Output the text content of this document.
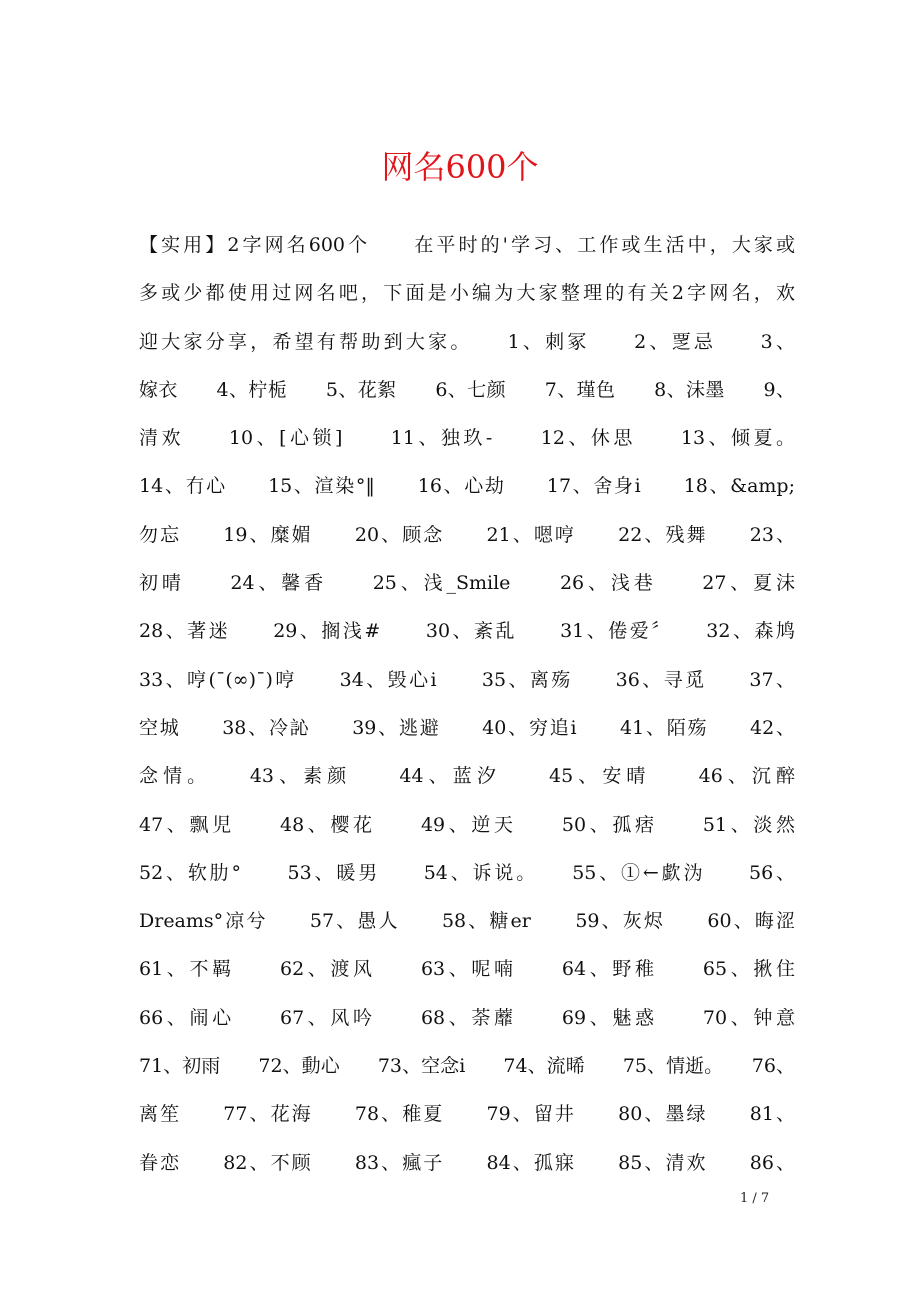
网名600个
【实用】2字网名600个　　在平时的'学习、工作或生活中，大家或
多或少都使用过网名吧，下面是小编为大家整理的有关2字网名，欢
迎大家分享，希望有帮助到大家。　　1、刺冢　　2、覂忌　　3、
嫁衣　　4、柠栀　　5、花絮　　6、七颜　　7、瑾色　　8、沫墨　　9、
清欢　　10、[心锁]　　11、独玖-　　12、休思　　13、倾夏。
14、冇心　　15、渲染°‖　　16、心劫　　17、舍身i　　18、&amp;
勿忘　　19、糜媚　　20、顾念　　21、嗯哼　　22、残舞　　23、
初晴　　24、馨香　　25、浅_Smile　　26、浅巷　　27、夏沫
28、著迷　　29、搁浅#　　30、紊乱　　31、倦爱〞　　32、森鸠
33、哼(¯(∞)¯)哼　　34、毁心i　　35、离殇　　36、寻觅　　37、
空城　　38、冷訫　　39、逃避　　40、穷追i　　41、陌殇　　42、
念情。　　43、素颜　　44、蓝汐　　45、安晴　　46、沉醉
47、飘児　　48、樱花　　49、逆天　　50、孤痞　　51、淡然
52、软肋°　　53、暖男　　54、诉说。　　55、①←歔沩　　56、
Dreams°凉兮　　57、愚人　　58、糖er　　59、灰烬　　60、晦涩
61、不羁　　62、渡风　　63、呢喃　　64、野稚　　65、揪住
66、闹心　　67、风吟　　68、荼蘼　　69、魅惑　　70、钟意
71、初雨　　72、動心　　73、空念i　　74、流晞　　75、情逝。　　76、
离笙　　77、花海　　78、稚夏　　79、留井　　80、墨绿　　81、
眷恋　　82、不顾　　83、瘋子　　84、孤寐　　85、清欢　　86、
1 / 7
